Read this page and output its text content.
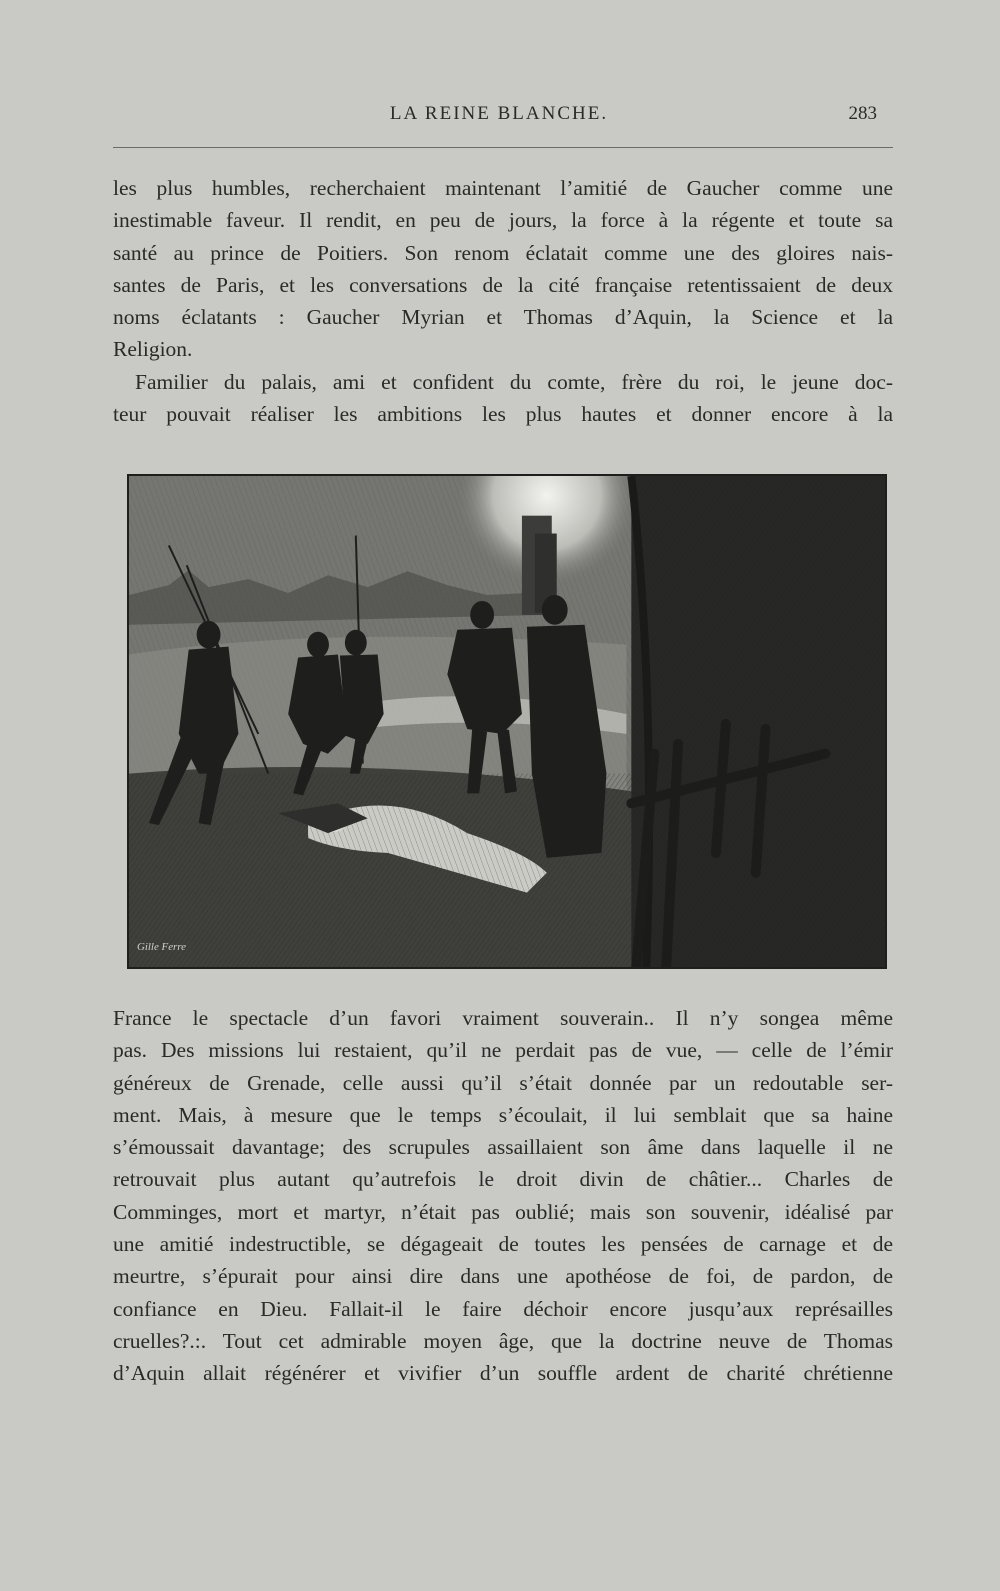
LA REINE BLANCHE.	283

les plus humbles, recherchaient maintenant l’amitié de Gaucher comme une
inestimable faveur. Il rendit, en peu de jours, la force à la régente et toute sa
santé au prince de Poitiers. Son renom éclatait comme une des gloires nais-
santes de Paris, et les conversations de la cité française retentissaient de deux
noms éclatants : Gaucher Myrian et Thomas d’Aquin, la Science et la
Religion.

Familier du palais, ami et confident du comte, frère du roi, le jeune doc-
teur pouvait réaliser les ambitions les plus hautes et donner encore à la

Gille Ferre

France le spectacle d’un favori vraiment souverain.. Il n’y songea même
pas. Des missions lui restaient, qu’il ne perdait pas de vue, — celle de l’émir
généreux de Grenade, celle aussi qu’il s’était donnée par un redoutable ser-
ment. Mais, à mesure que le temps s’écoulait, il lui semblait que sa haine
s’émoussait davantage; des scrupules assaillaient son âme dans laquelle il ne
retrouvait plus autant qu’autrefois le droit divin de châtier... Charles de
Comminges, mort et martyr, n’était pas oublié; mais son souvenir, idéalisé par
une amitié indestructible, se dégageait de toutes les pensées de carnage et de
meurtre, s’épurait pour ainsi dire dans une apothéose de foi, de pardon, de
confiance en Dieu. Fallait-il le faire déchoir encore jusqu’aux représailles
cruelles?.:. Tout cet admirable moyen âge, que la doctrine neuve de Thomas
d’Aquin allait régénérer et vivifier d’un souffle ardent de charité chrétienne
